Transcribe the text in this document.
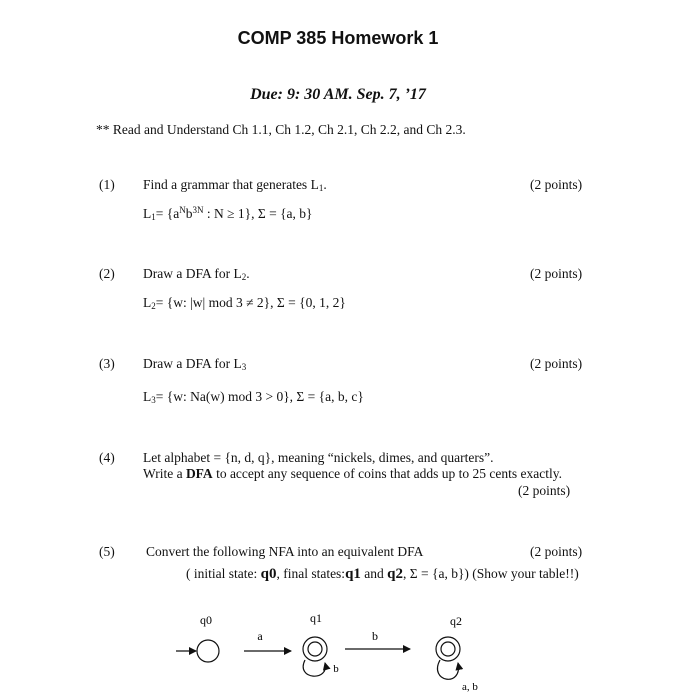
COMP 385 Homework 1
Due: 9: 30 AM. Sep. 7, ’17
** Read and Understand Ch 1.1, Ch 1.2, Ch 2.1, Ch 2.2, and Ch 2.3.
(1) Find a grammar that generates $L_1$.	(2 points)
$L_1= \{a^Nb^{3N}$ : N ≥ 1}, Σ = {a, b}
(2) Draw a DFA for $L_2$.	(2 points)
$L_2= \{w$: |w| mod 3 ≠ 2}, Σ = {0, 1, 2}
(3) Draw a DFA for $L_3$	(2 points)
$L_3= \{w$: Na(w) mod 3 > 0}, Σ = {a, b, c}
(4) Let alphabet = {n, d, q}, meaning “nickels, dimes, and quarters”.
Write a DFA to accept any sequence of coins that adds up to 25 cents exactly.
(2 points)
(5) Convert the following NFA into an equivalent DFA	(2 points)
( initial state: q0, final states:q1 and q2, Σ = {a, b}) (Show your table!!)
q0
a
q1
b
b
q2
a, b
